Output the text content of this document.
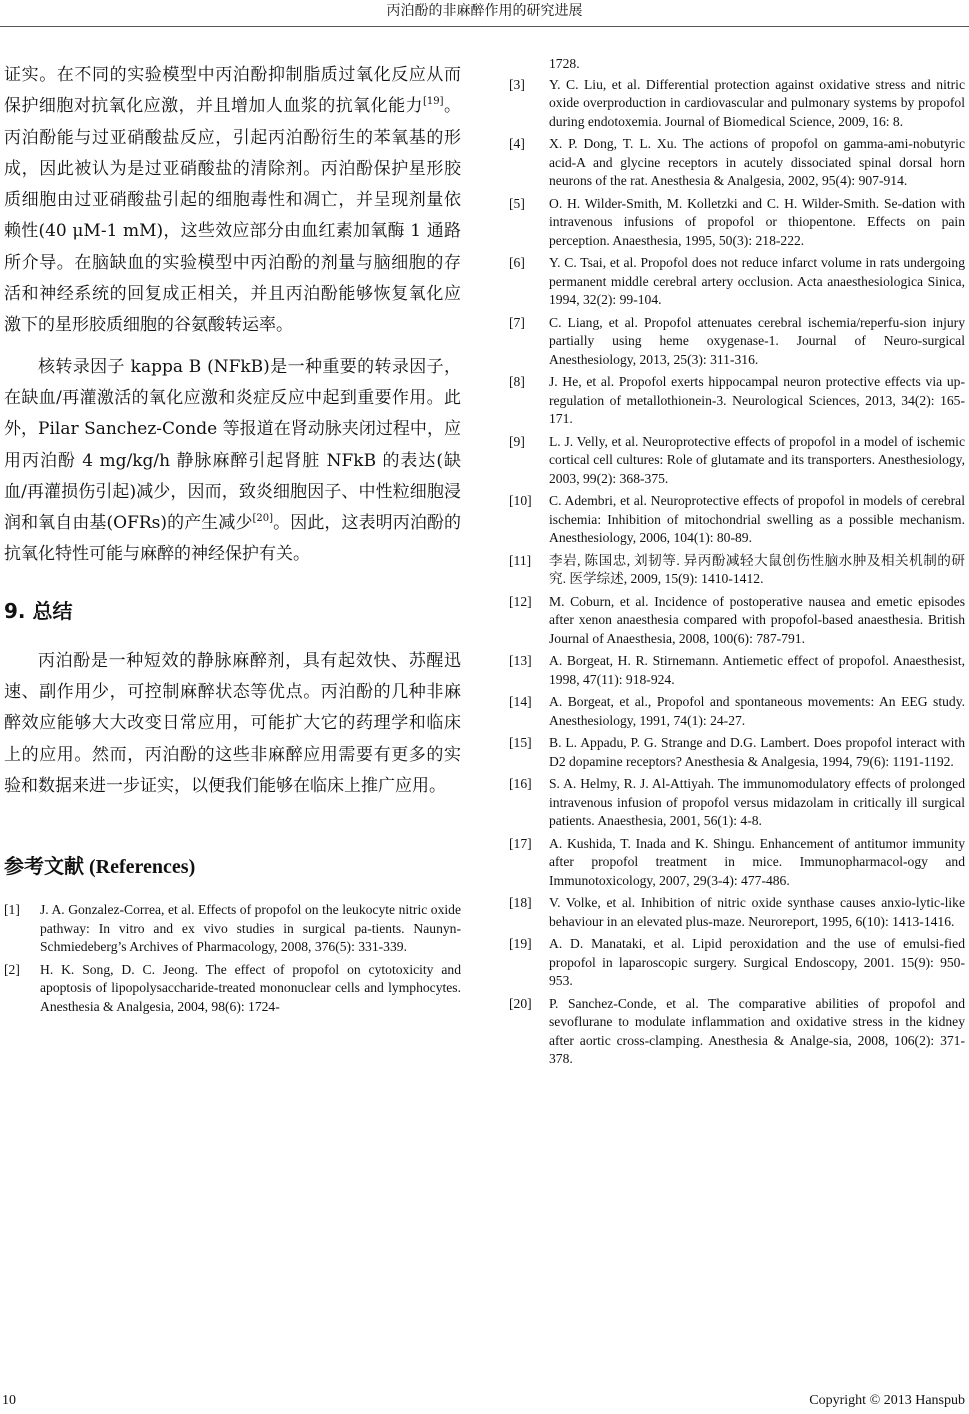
丙泊酚的非麻醉作用的研究进展

证实。在不同的实验模型中丙泊酚抑制脂质过氧化反应从而保护细胞对抗氧化应激，并且增加人血浆的抗氧化能力[19]。丙泊酚能与过亚硝酸盐反应，引起丙泊酚衍生的苯氧基的形成，因此被认为是过亚硝酸盐的清除剂。丙泊酚保护星形胶质细胞由过亚硝酸盐引起的细胞毒性和凋亡，并呈现剂量依赖性(40 μM-1 mM)，这些效应部分由血红素加氧酶 1 通路所介导。在脑缺血的实验模型中丙泊酚的剂量与脑细胞的存活和神经系统的回复成正相关，并且丙泊酚能够恢复氧化应激下的星形胶质细胞的谷氨酸转运率。

核转录因子 kappa B (NFkB)是一种重要的转录因子，在缺血/再灌激活的氧化应激和炎症反应中起到重要作用。此外，Pilar Sanchez-Conde 等报道在肾动脉夹闭过程中，应用丙泊酚 4 mg/kg/h 静脉麻醉引起肾脏 NFkB 的表达(缺血/再灌损伤引起)减少，因而，致炎细胞因子、中性粒细胞浸润和氧自由基(OFRs)的产生减少[20]。因此，这表明丙泊酚的抗氧化特性可能与麻醉的神经保护有关。

9. 总结

丙泊酚是一种短效的静脉麻醉剂，具有起效快、苏醒迅速、副作用少，可控制麻醉状态等优点。丙泊酚的几种非麻醉效应能够大大改变日常应用，可能扩大它的药理学和临床上的应用。然而，丙泊酚的这些非麻醉应用需要有更多的实验和数据来进一步证实，以便我们能够在临床上推广应用。

参考文献 (References)
[1] J. A. Gonzalez-Correa, et al. Effects of propofol on the leukocyte nitric oxide pathway: In vitro and ex vivo studies in surgical pa-tients. Naunyn-Schmiedeberg’s Archives of Pharmacology, 2008, 376(5): 331-339.
[2] H. K. Song, D. C. Jeong. The effect of propofol on cytotoxicity and apoptosis of lipopolysaccharide-treated mononuclear cells and lymphocytes. Anesthesia & Analgesia, 2004, 98(6): 1724-
1728.
[3] Y. C. Liu, et al. Differential protection against oxidative stress and nitric oxide overproduction in cardiovascular and pulmonary systems by propofol during endotoxemia. Journal of Biomedical Science, 2009, 16: 8.
[4] X. P. Dong, T. L. Xu. The actions of propofol on gamma-ami-nobutyric acid-A and glycine receptors in acutely dissociated spinal dorsal horn neurons of the rat. Anesthesia & Analgesia, 2002, 95(4): 907-914.
[5] O. H. Wilder-Smith, M. Kolletzki and C. H. Wilder-Smith. Se-dation with intravenous infusions of propofol or thiopentone. Effects on pain perception. Anaesthesia, 1995, 50(3): 218-222.
[6] Y. C. Tsai, et al. Propofol does not reduce infarct volume in rats undergoing permanent middle cerebral artery occlusion. Acta anaesthesiologica Sinica, 1994, 32(2): 99-104.
[7] C. Liang, et al. Propofol attenuates cerebral ischemia/reperfu-sion injury partially using heme oxygenase-1. Journal of Neuro-surgical Anesthesiology, 2013, 25(3): 311-316.
[8] J. He, et al. Propofol exerts hippocampal neuron protective effects via up-regulation of metallothionein-3. Neurological Sciences, 2013, 34(2): 165-171.
[9] L. J. Velly, et al. Neuroprotective effects of propofol in a model of ischemic cortical cell cultures: Role of glutamate and its transporters. Anesthesiology, 2003, 99(2): 368-375.
[10] C. Adembri, et al. Neuroprotective effects of propofol in models of cerebral ischemia: Inhibition of mitochondrial swelling as a possible mechanism. Anesthesiology, 2006, 104(1): 80-89.
[11] 李岩, 陈国忠, 刘韧等. 异丙酚减轻大鼠创伤性脑水肿及相关机制的研究. 医学综述, 2009, 15(9): 1410-1412.
[12] M. Coburn, et al. Incidence of postoperative nausea and emetic episodes after xenon anaesthesia compared with propofol-based anaesthesia. British Journal of Anaesthesia, 2008, 100(6): 787-791.
[13] A. Borgeat, H. R. Stirnemann. Antiemetic effect of propofol. Anaesthesist, 1998, 47(11): 918-924.
[14] A. Borgeat, et al., Propofol and spontaneous movements: An EEG study. Anesthesiology, 1991, 74(1): 24-27.
[15] B. L. Appadu, P. G. Strange and D.G. Lambert. Does propofol interact with D2 dopamine receptors? Anesthesia & Analgesia, 1994, 79(6): 1191-1192.
[16] S. A. Helmy, R. J. Al-Attiyah. The immunomodulatory effects of prolonged intravenous infusion of propofol versus midazolam in critically ill surgical patients. Anaesthesia, 2001, 56(1): 4-8.
[17] A. Kushida, T. Inada and K. Shingu. Enhancement of antitumor immunity after propofol treatment in mice. Immunopharmacol-ogy and Immunotoxicology, 2007, 29(3-4): 477-486.
[18] V. Volke, et al. Inhibition of nitric oxide synthase causes anxio-lytic-like behaviour in an elevated plus-maze. Neuroreport, 1995, 6(10): 1413-1416.
[19] A. D. Manataki, et al. Lipid peroxidation and the use of emulsi-fied propofol in laparoscopic surgery. Surgical Endoscopy, 2001. 15(9): 950-953.
[20] P. Sanchez-Conde, et al. The comparative abilities of propofol and sevoflurane to modulate inflammation and oxidative stress in the kidney after aortic cross-clamping. Anesthesia & Analge-sia, 2008, 106(2): 371-378.
10	Copyright © 2013 Hanspub
